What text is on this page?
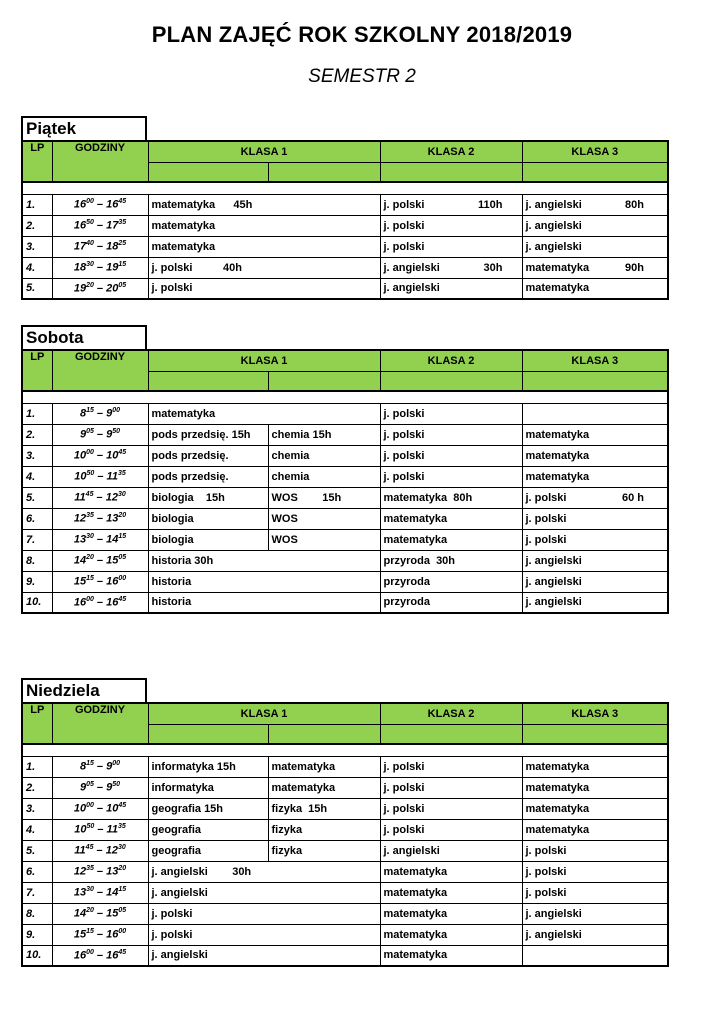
PLAN ZAJĘĆ ROK SZKOLNY 2018/2019
SEMESTR 2
Piątek
LP	GODZINY	KLASA 1		KLASA 2	KLASA 3

1.	$16^{00} - 16^{45}$	matematyka      45h		j. polski 110h	j. angielski 80h

2.	$16^{50} - 17^{35}$	matematyka		j. polski	j. angielski

3.	$17^{40} - 18^{25}$	matematyka		j. polski	j. angielski

4.	$18^{30} - 19^{15}$	j. polski          40h		j. angielski 30h	matematyka 90h

5.	$19^{20} - 20^{05}$	j. polski		j. angielski	matematyka
Sobota
LP	GODZINY	KLASA 1		KLASA 2	KLASA 3

1.	$8^{15} - 9^{00}$	matematyka		j. polski	

2.	$9^{05} - 9^{50}$	pods przedsię. 15h	chemia 15h	j. polski	matematyka

3.	$10^{00} - 10^{45}$	pods przedsię.	chemia	j. polski	matematyka

4.	$10^{50} - 11^{35}$	pods przedsię.	chemia	j. polski	matematyka

5.	$11^{45} - 12^{30}$	biologia    15h	WOS        15h	matematyka  80h	j. polski 60 h

6.	$12^{35} - 13^{20}$	biologia	WOS	matematyka	j. polski

7.	$13^{30} - 14^{15}$	biologia	WOS	matematyka	j. polski

8.	$14^{20} - 15^{05}$	historia 30h		przyroda  30h	j. angielski

9.	$15^{15} - 16^{00}$	historia		przyroda	j. angielski

10.	$16^{00} - 16^{45}$	historia		przyroda	j. angielski
Niedziela
LP	GODZINY	KLASA 1		KLASA 2	KLASA 3

1.	$8^{15} - 9^{00}$	informatyka 15h	matematyka	j. polski	matematyka

2.	$9^{05} - 9^{50}$	informatyka	matematyka	j. polski	matematyka

3.	$10^{00} - 10^{45}$	geografia 15h	fizyka  15h	j. polski	matematyka

4.	$10^{50} - 11^{35}$	geografia	fizyka	j. polski	matematyka

5.	$11^{45} - 12^{30}$	geografia	fizyka	j. angielski	j. polski

6.	$12^{35} - 13^{20}$	j. angielski        30h		matematyka	j. polski

7.	$13^{30} - 14^{15}$	j. angielski		matematyka	j. polski

8.	$14^{20} - 15^{05}$	j. polski		matematyka	j. angielski

9.	$15^{15} - 16^{00}$	j. polski		matematyka	j. angielski

10.	$16^{00} - 16^{45}$	j. angielski		matematyka	
